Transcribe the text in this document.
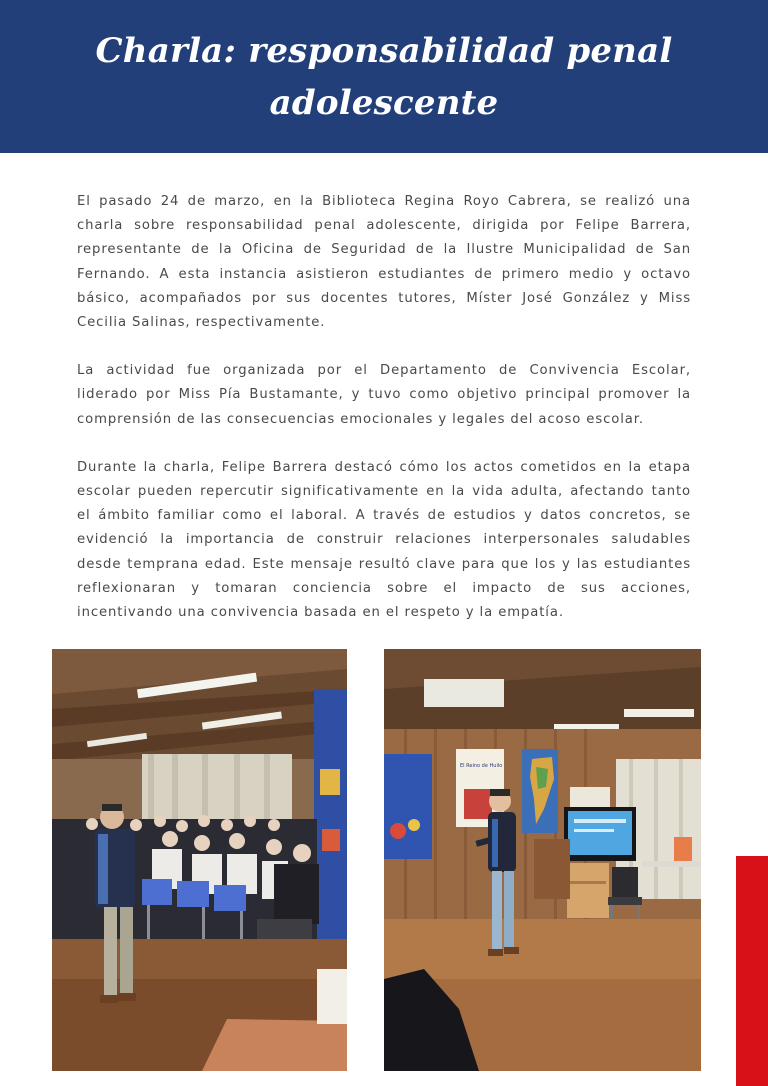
Charla: responsabilidad penal
adolescente

El pasado 24 de marzo, en la Biblioteca Regina Royo Cabrera, se realizó una charla sobre responsabilidad penal adolescente, dirigida por Felipe Barrera, representante de la Oficina de Seguridad de la Ilustre Municipalidad de San Fernando. A esta instancia asistieron estudiantes de primero medio y octavo básico, acompañados por sus docentes tutores, Míster José González y Miss Cecilia Salinas, respectivamente.

La actividad fue organizada por el Departamento de Convivencia Escolar, liderado por Miss Pía Bustamante, y tuvo como objetivo principal promover la comprensión de las consecuencias emocionales y legales del acoso escolar.

Durante la charla, Felipe Barrera destacó cómo los actos cometidos en la etapa escolar pueden repercutir significativamente en la vida adulta, afectando tanto el ámbito familiar como el laboral. A través de estudios y datos concretos, se evidenció la importancia de construir relaciones interpersonales saludables desde temprana edad. Este mensaje resultó clave para que los y las estudiantes reflexionaran y tomaran conciencia sobre el impacto de sus acciones, incentivando una convivencia basada en el respeto y la empatía.

El Reino de Huilo
